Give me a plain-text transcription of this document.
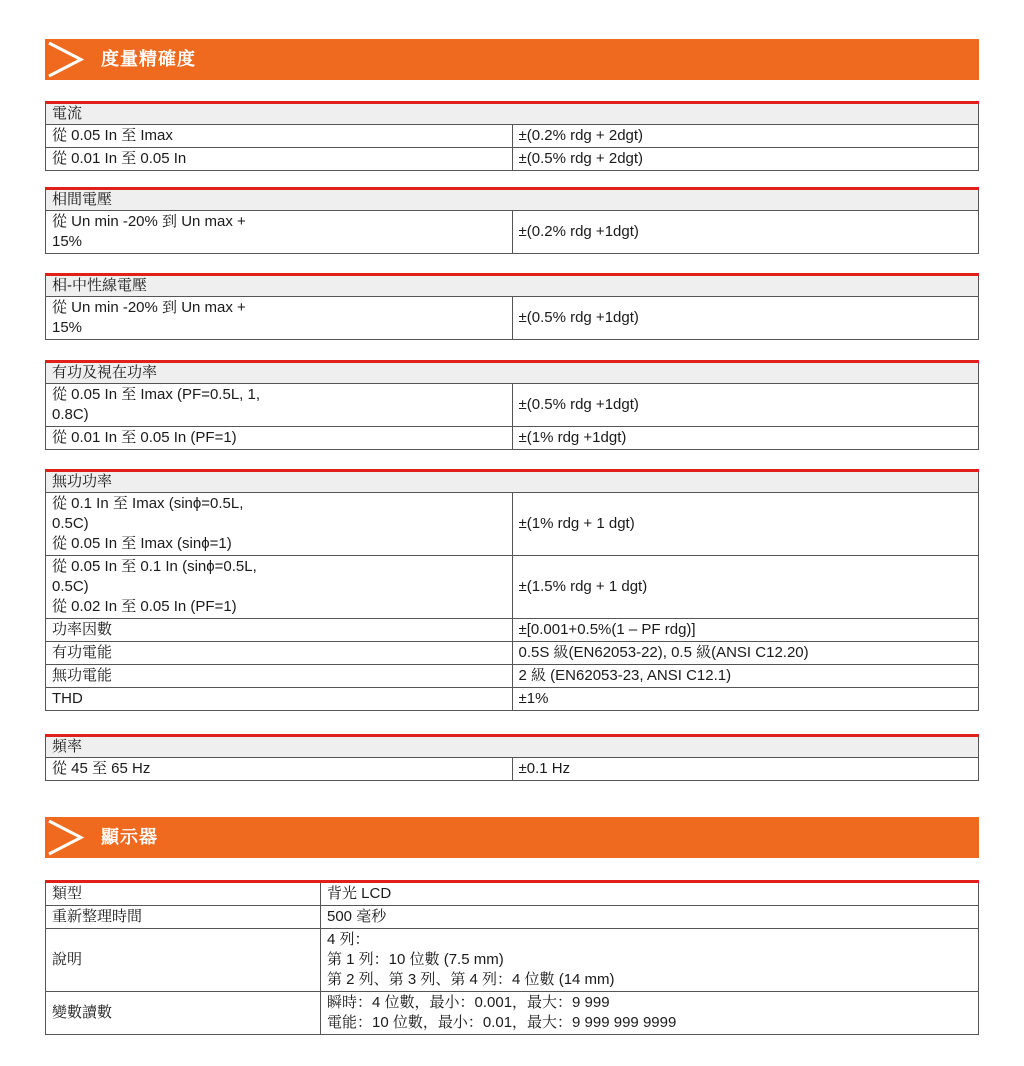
度量精確度
電流	
從 0.05 In 至 Imax	±(0.2% rdg + 2dgt)
從 0.01 In 至 0.05 In	±(0.5% rdg + 2dgt)
相間電壓

從 Un min -20% 到 Un max +
15%
	±(0.2% rdg +1dgt)
相-中性線電壓

從 Un min -20% 到 Un max +
15%
	±(0.5% rdg +1dgt)
有功及視在功率	

從 0.05 In 至 Imax (PF=0.5L, 1,
0.8C)	±(0.5% rdg +1dgt)
從 0.01 In 至 0.05 In (PF=1)	±(1% rdg +1dgt)
無功功率	

從 0.1 In 至 Imax (sinϕ=0.5L,
0.5C)
從 0.05 In 至 Imax (sinϕ=1)	±(1% rdg + 1 dgt)

從 0.05 In 至 0.1 In (sinϕ=0.5L,
0.5C)
從 0.02 In 至 0.05 In (PF=1)	±(1.5% rdg + 1 dgt)
功率因數	±[0.001+0.5%(1 – PF rdg)]
有功電能	0.5S 級(EN62053-22), 0.5 級(ANSI C12.20)
無功電能	2 級 (EN62053-23, ANSI C12.1)
THD	±1%
頻率
從 45 至 65 Hz	±0.1 Hz
顯示器
類型	背光 LCD
重新整理時間	500 毫秒
說明	4 列：
第 1 列：10 位數 (7.5 mm)
第 2 列、第 3 列、第 4 列：4 位數 (14 mm)

變數讀數	瞬時：4 位數，最小：0.001，最大：9 999
電能：10 位數，最小：0.01，最大：9 999 999 9999
